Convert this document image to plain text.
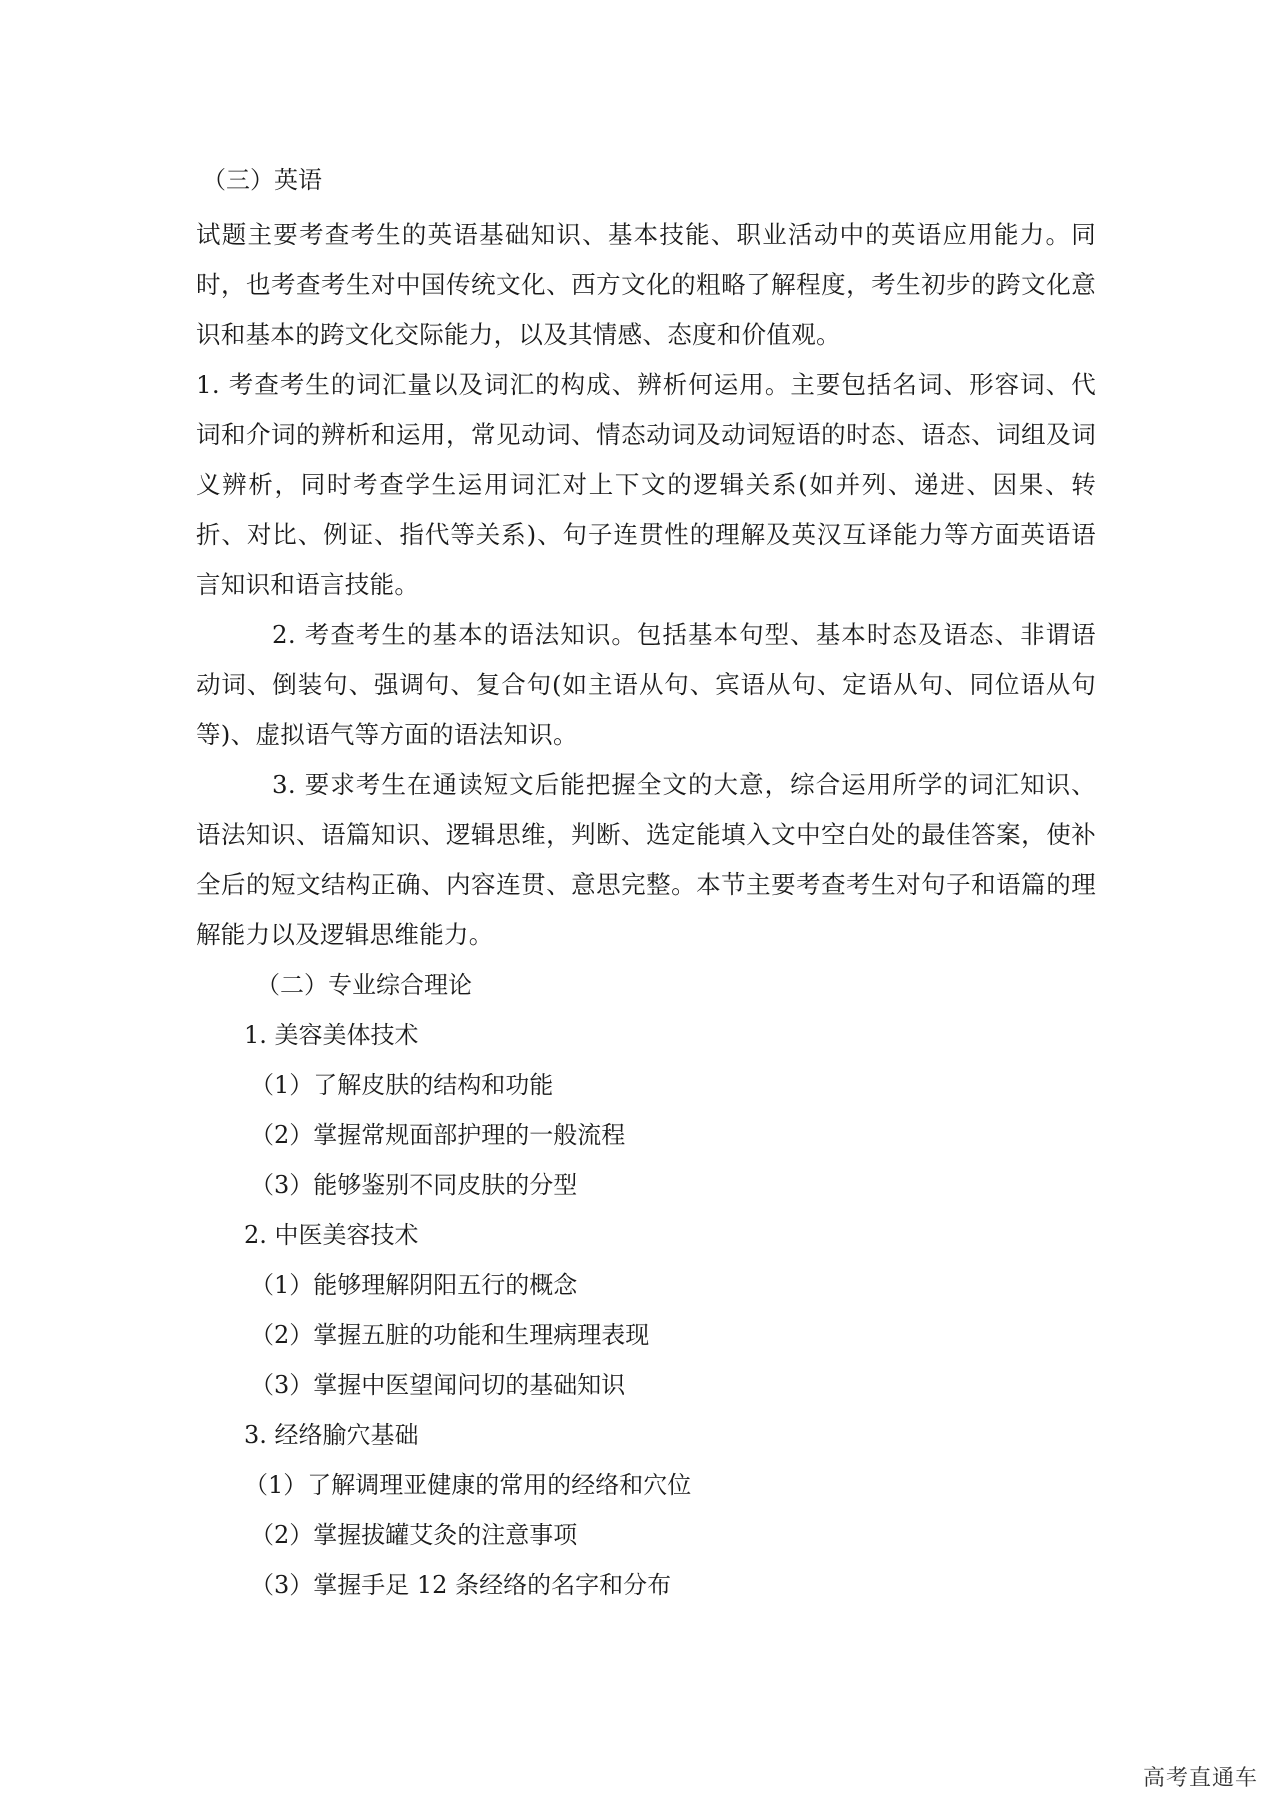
（三）英语

试题主要考查考生的英语基础知识、基本技能、职业活动中的英语应用能力。同时，也考查考生对中国传统文化、西方文化的粗略了解程度，考生初步的跨文化意识和基本的跨文化交际能力，以及其情感、态度和价值观。

1. 考查考生的词汇量以及词汇的构成、辨析何运用。主要包括名词、形容词、代词和介词的辨析和运用，常见动词、情态动词及动词短语的时态、语态、词组及词义辨析，同时考查学生运用词汇对上下文的逻辑关系(如并列、递进、因果、转折、对比、例证、指代等关系)、句子连贯性的理解及英汉互译能力等方面英语语言知识和语言技能。

2. 考查考生的基本的语法知识。包括基本句型、基本时态及语态、非谓语动词、倒装句、强调句、复合句(如主语从句、宾语从句、定语从句、同位语从句等)、虚拟语气等方面的语法知识。

3. 要求考生在通读短文后能把握全文的大意，综合运用所学的词汇知识、语法知识、语篇知识、逻辑思维，判断、选定能填入文中空白处的最佳答案，使补全后的短文结构正确、内容连贯、意思完整。本节主要考查考生对句子和语篇的理解能力以及逻辑思维能力。

（二）专业综合理论
1. 美容美体技术
（1）了解皮肤的结构和功能
（2）掌握常规面部护理的一般流程
（3）能够鉴别不同皮肤的分型
2. 中医美容技术
（1）能够理解阴阳五行的概念
（2）掌握五脏的功能和生理病理表现
（3）掌握中医望闻问切的基础知识
3. 经络腧穴基础
（1）了解调理亚健康的常用的经络和穴位
（2）掌握拔罐艾灸的注意事项
（3）掌握手足 12 条经络的名字和分布
高考直通车
